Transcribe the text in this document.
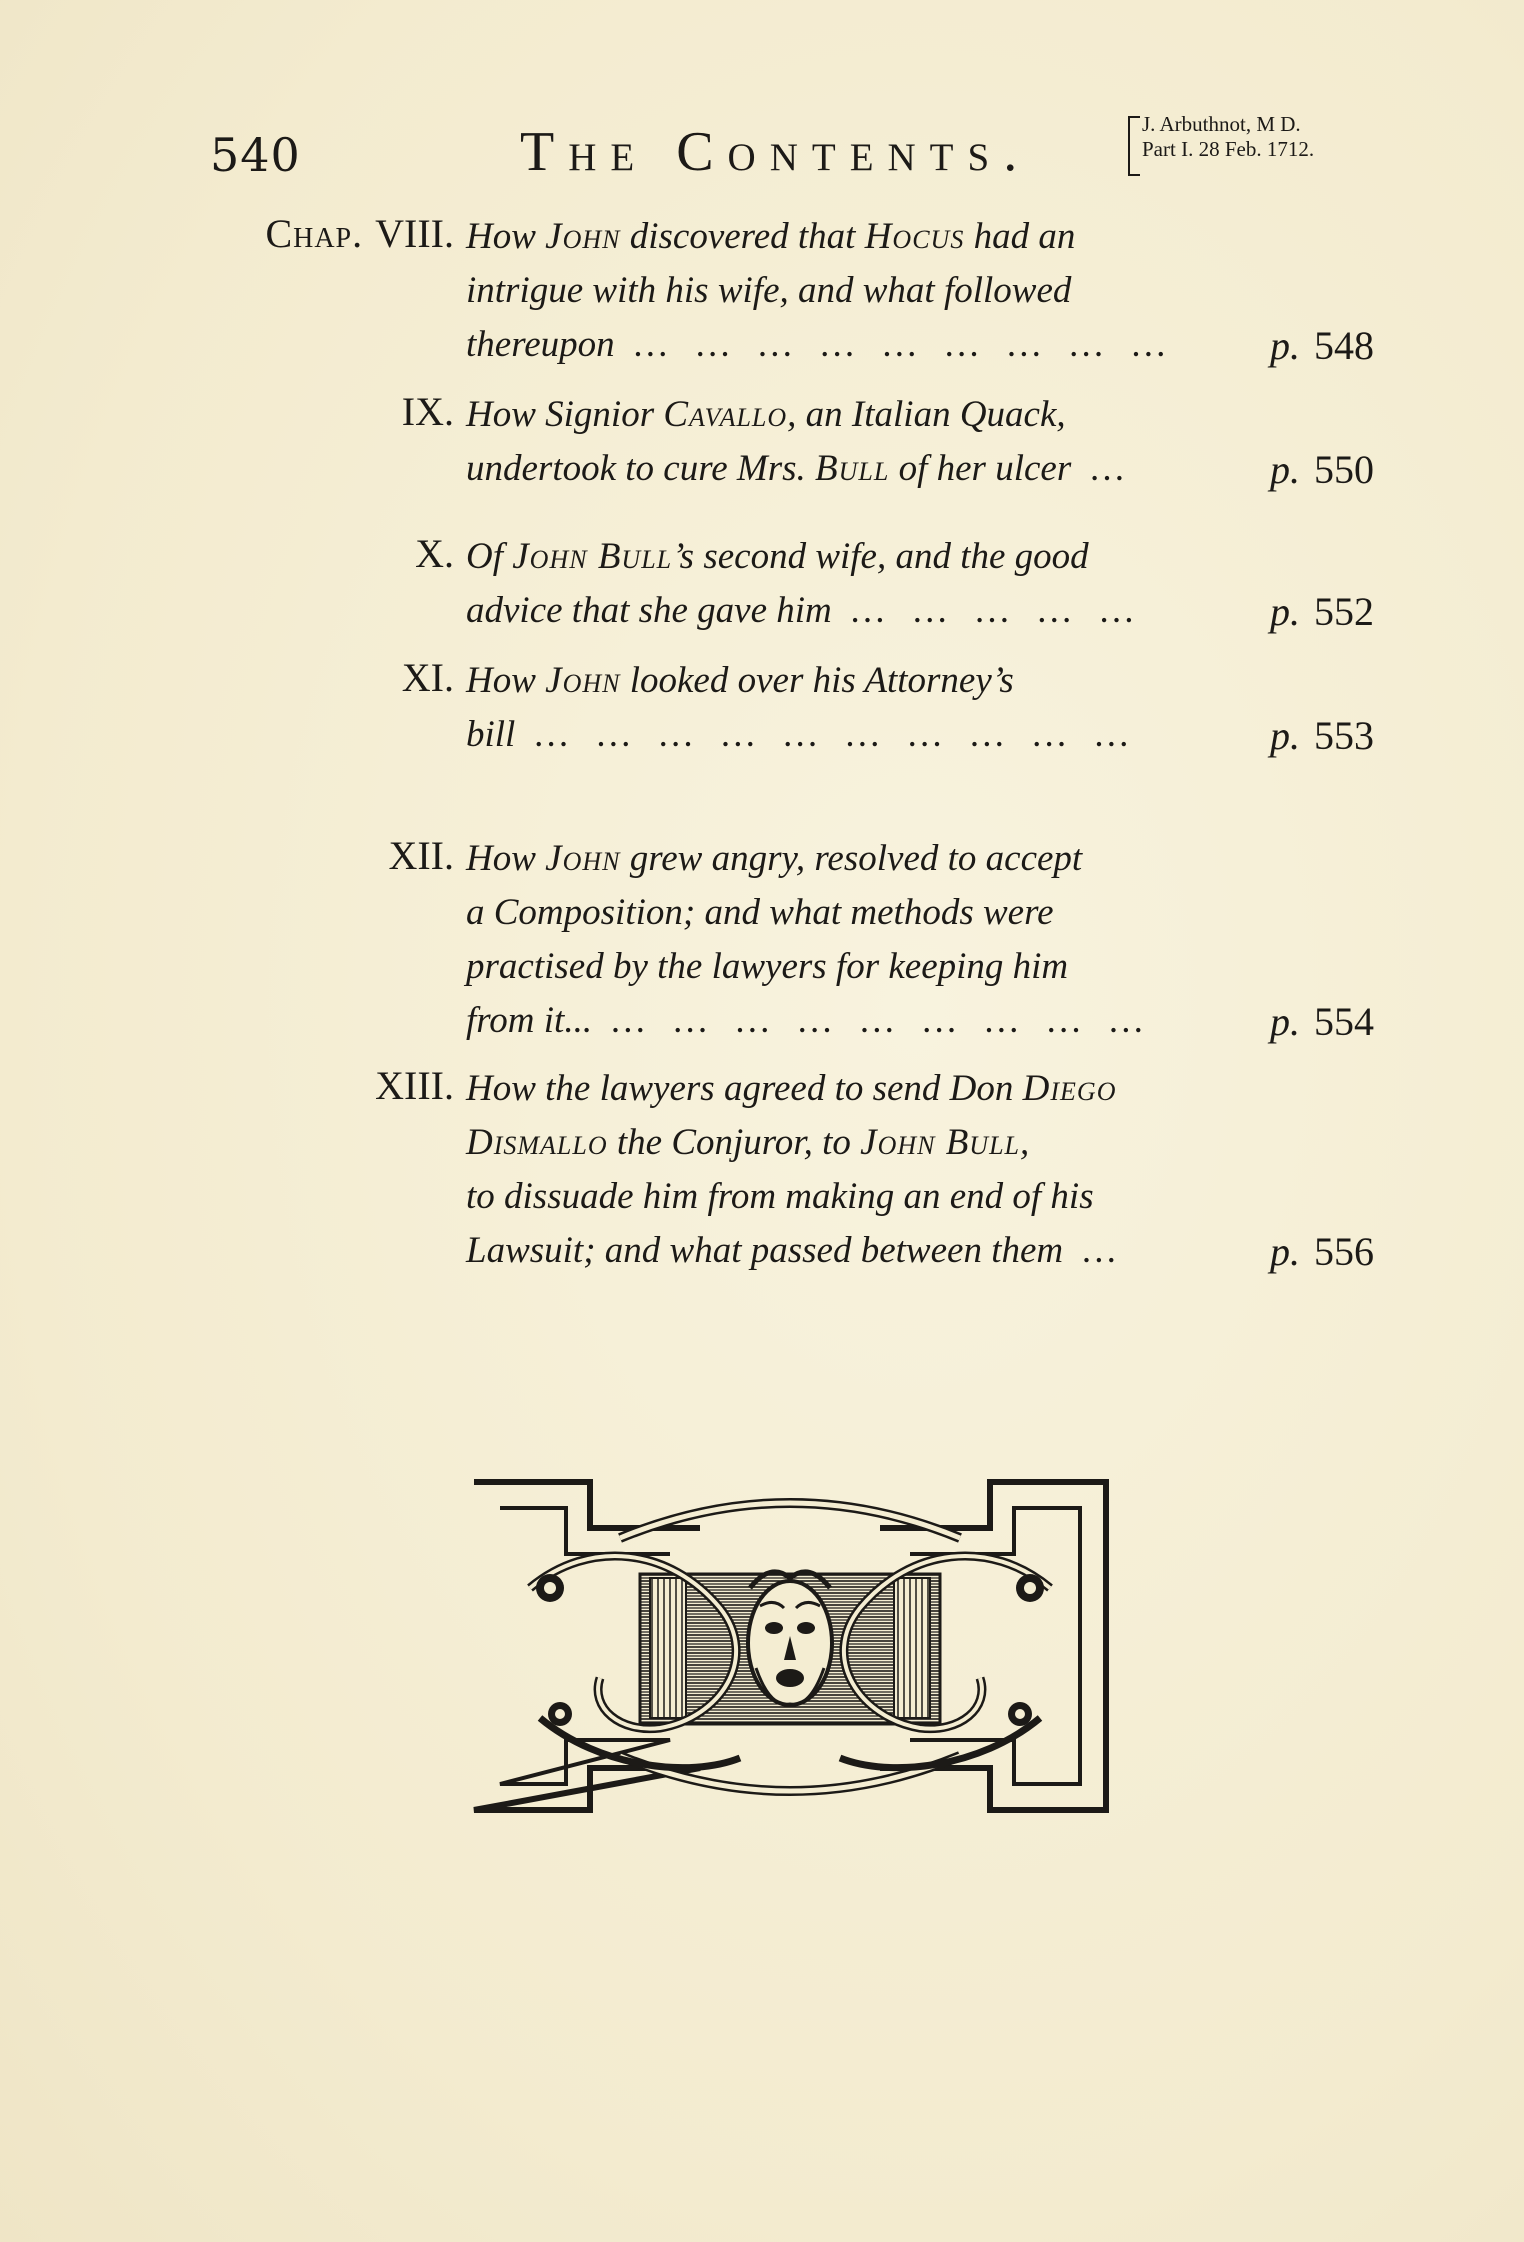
540	The Contents.	J. Arbuthnot, M D.
Part I. 28 Feb. 1712.
Chap. VIII. How John discovered that Hocus had an
intrigue with his wife, and what followed
thereupon … … … … … … … … …	p. 548
IX. How Signior Cavallo, an Italian Quack,
undertook to cure Mrs. Bull of her ulcer …	p. 550
X. Of John Bull’s second wife, and the good
advice that she gave him … … … … …	p. 552
XI. How John looked over his Attorney’s
bill … … … … … … … … … …	p. 553
XII. How John grew angry, resolved to accept
a Composition; and what methods were
practised by the lawyers for keeping him
from it... … … … … … … … … …	p. 554
XIII. How the lawyers agreed to send Don Diego
Dismallo the Conjuror, to John Bull,
to dissuade him from making an end of his
Lawsuit; and what passed between them …	p. 556
